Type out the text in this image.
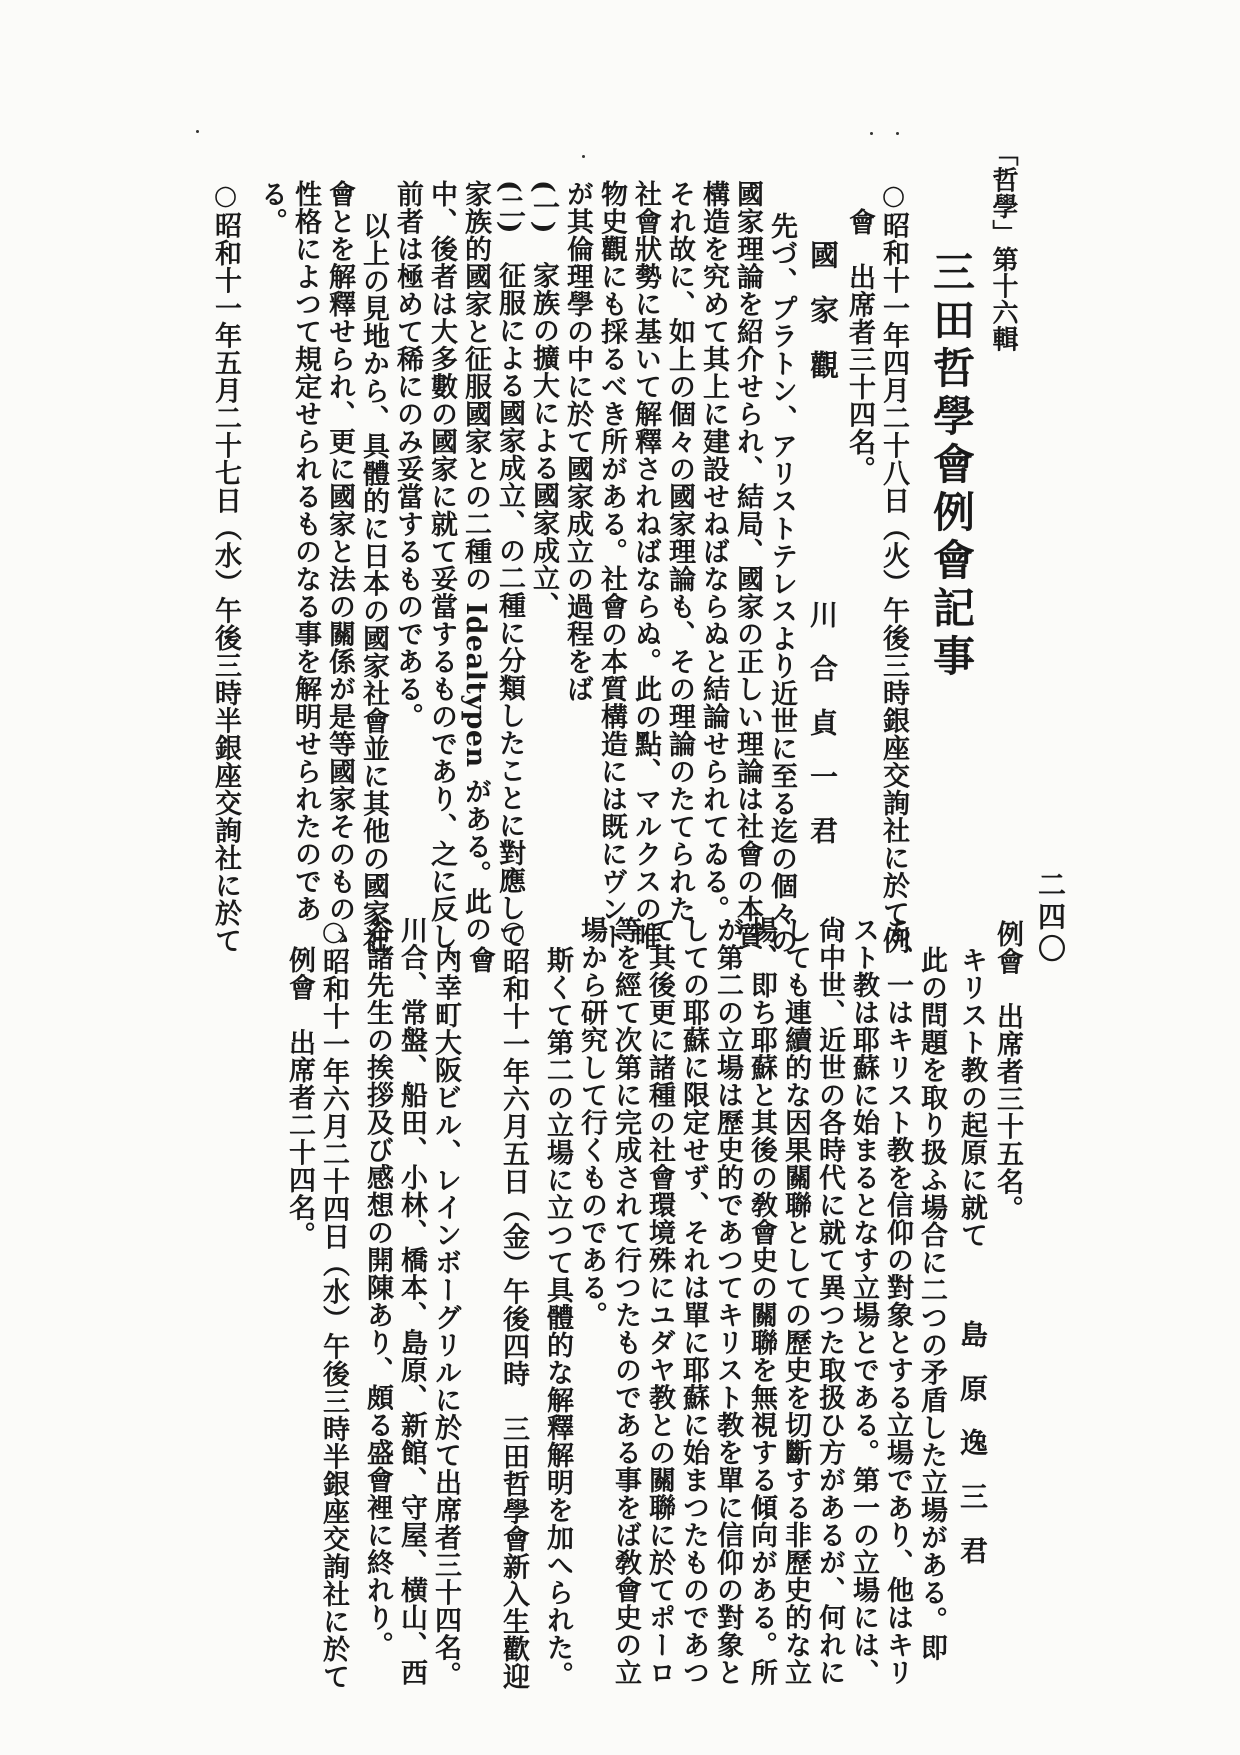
「哲學」第十六輯
二四〇
三田哲學會例會記事
○昭和十一年四月二十八日（火）午後三時銀座交詢社に於て例
會　出席者三十四名。
國家觀
川合貞一君
先づ、プラトン、アリストテレスより近世に至る迄の個々の
國家理論を紹介せられ、結局、國家の正しい理論は社會の本質
構造を究めて其上に建設せねばならぬと結論せられてゐる。
それ故に、如上の個々の國家理論も、その理論のたてられた
社會狀勢に基いて解釋されねばならぬ。此の點、マルクスの唯
物史觀にも採るべき所がある。社會の本質構造には既にヴント
が其倫理學の中に於て國家成立の過程をば
(一)　家族の擴大による國家成立、
(二)　征服による國家成立、の二種に分類したことに對應して
家族的國家と征服國家との二種の Idealtypen がある。此の
中、後者は大多數の國家に就て妥當するものであり、之に反し、
前者は極めて稀にのみ妥當するものである。
以上の見地から、具體的に日本の國家社會並に其他の國家社
會とを解釋せられ、更に國家と法の關係が是等國家そのものゝ
性格によつて規定せられるものなる事を解明せられたのであ
る。
○昭和十一年五月二十七日（水）午後三時半銀座交詢社に於て
例會　出席者三十五名。
キリスト教の起原に就て
島原逸三君
此の問題を取り扱ふ場合に二つの矛盾した立場がある。即
ち、一はキリスト教を信仰の對象とする立場であり、他はキリ
スト教は耶蘇に始まるとなす立場とである。第一の立場には、
尙中世、近世の各時代に就て異つた取扱ひ方があるが、何れに
しても連續的な因果關聯としての歷史を切斷する非歷史的な立
場、即ち耶蘇と其後の敎會史の關聯を無視する傾向がある。所
が第二の立場は歷史的であつてキリスト教を單に信仰の對象と
しての耶蘇に限定せず、それは單に耶蘇に始まつたものであつ
て其後更に諸種の社會環境殊にユダヤ教との關聯に於てポーロ
等を經て次第に完成されて行つたものである事をば敎會史の立
場から研究して行くものである。
斯くて第二の立場に立つて具體的な解釋解明を加へられた。
○昭和十一年六月五日（金）午後四時　三田哲學會新入生歡迎
會
内幸町大阪ビル、レインボーグリルに於て出席者三十四名。
川合、常盤、船田、小林、橋本、島原、新館、守屋、横山、西
谷諸先生の挨拶及び感想の開陳あり、頗る盛會裡に終れり。
○昭和十一年六月二十四日（水）午後三時半銀座交詢社に於て
例會　出席者二十四名。
